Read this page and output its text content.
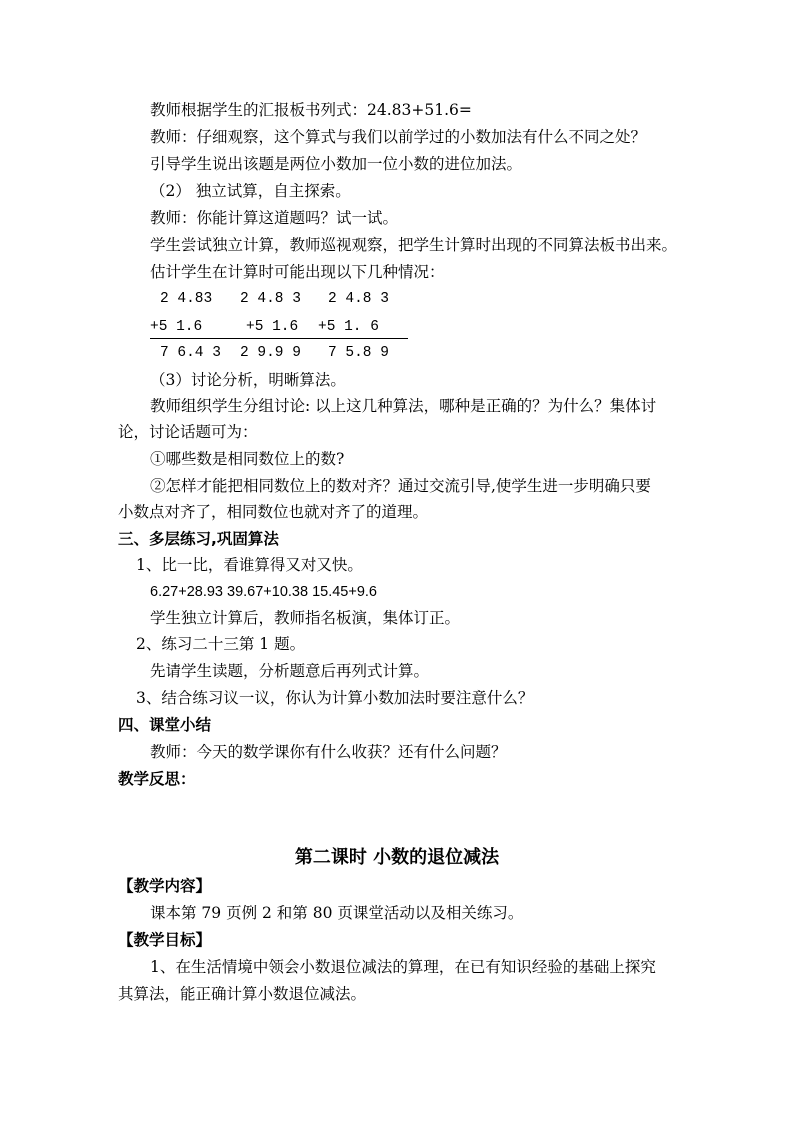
教师根据学生的汇报板书列式：24.83+51.6=
教师：仔细观察，这个算式与我们以前学过的小数加法有什么不同之处？
引导学生说出该题是两位小数加一位小数的进位加法。
（2） 独立试算，自主探索。
教师：你能计算这道题吗？试一试。
学生尝试独立计算，教师巡视观察，把学生计算时出现的不同算法板书出来。
估计学生在计算时可能出现以下几种情况：
2 4.83 2 4.8 3 2 4.8 3
+5 1.6	+5 1.6 +5 1. 6
7 6.4 3 2 9.9 9 7 5.8 9
（3）讨论分析，明晰算法。
教师组织学生分组讨论: 以上这几种算法，哪种是正确的？为什么？集体讨
论，讨论话题可为：
①哪些数是相同数位上的数?
②怎样才能把相同数位上的数对齐？通过交流引导,使学生进一步明确只要
小数点对齐了，相同数位也就对齐了的道理。
三、多层练习,巩固算法
1、比一比，看谁算得又对又快。
6.27+28.93 39.67+10.38 15.45+9.6
学生独立计算后，教师指名板演，集体订正。
2、练习二十三第 1 题。
先请学生读题，分析题意后再列式计算。
3、结合练习议一议，你认为计算小数加法时要注意什么？
四、课堂小结
教师：今天的数学课你有什么收获？还有什么问题？
教学反思：
第二课时 小数的退位减法
【教学内容】
课本第 79 页例 2 和第 80 页课堂活动以及相关练习。
【教学目标】
1、在生活情境中领会小数退位减法的算理，在已有知识经验的基础上探究
其算法，能正确计算小数退位减法。
